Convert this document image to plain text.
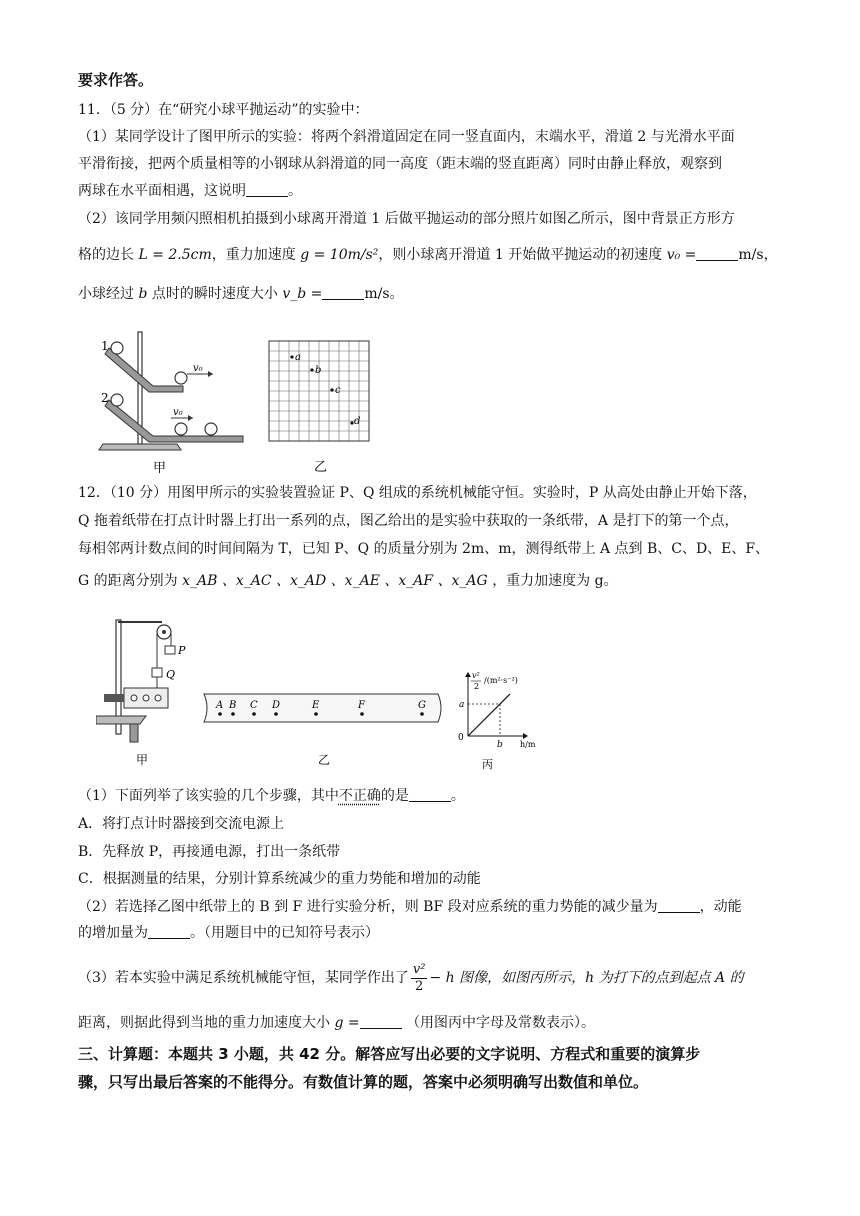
要求作答。
11．（5 分）在“研究小球平抛运动”的实验中：
（1）某同学设计了图甲所示的实验：将两个斜滑道固定在同一竖直面内，末端水平，滑道 2 与光滑水平面
平滑衔接，把两个质量相等的小钢球从斜滑道的同一高度（距末端的竖直距离）同时由静止释放，观察到
两球在水平面相遇，这说明	。
（2）该同学用频闪照相机拍摄到小球离开滑道 1 后做平抛运动的部分照片如图乙所示，图中背景正方形方
格的边长 L = 2.5cm，重力加速度 g = 10m/s²，则小球离开滑道 1 开始做平抛运动的初速度 v₀ =	m/s，
小球经过 b 点时的瞬时速度大小 v_b =	m/s。
1
v₀
2
v₀
甲
a
b
c
d
乙
12．（10 分）用图甲所示的实验装置验证 P、Q 组成的系统机械能守恒。实验时，P 从高处由静止开始下落，
Q 拖着纸带在打点计时器上打出一系列的点，图乙给出的是实验中获取的一条纸带，A 是打下的第一个点，
每相邻两计数点间的时间间隔为 T，已知 P、Q 的质量分别为 2m、m，测得纸带上 A 点到 B、C、D、E、F、
G 的距离分别为 x_AB 、x_AC 、x_AD 、x_AE 、x_AF 、x_AG ，重力加速度为 g。
P
Q
甲
A B C D	E	F	G
乙
v²
2
/(m²·s⁻²)
a
b
0
h/m
丙
（1）下面列举了该实验的几个步骤，其中不正确的是	。
A．将打点计时器接到交流电源上
B．先释放 P，再接通电源，打出一条纸带
C．根据测量的结果，分别计算系统减少的重力势能和增加的动能
（2）若选择乙图中纸带上的 B 到 F 进行实验分析，则 BF 段对应系统的重力势能的减少量为	，动能
的增加量为	。（用题目中的已知符号表示）
（3）若本实验中满足系统机械能守恒，某同学作出了 $\frac{\text{v²}}{2} - h$ 图像，如图丙所示，h 为打下的点到起点 A 的
距离，则据此得到当地的重力加速度大小 g =	（用图丙中字母及常数表示）。
三、计算题：本题共 3 小题，共 42 分。解答应写出必要的文字说明、方程式和重要的演算步
骤，只写出最后答案的不能得分。有数值计算的题，答案中必须明确写出数值和单位。
